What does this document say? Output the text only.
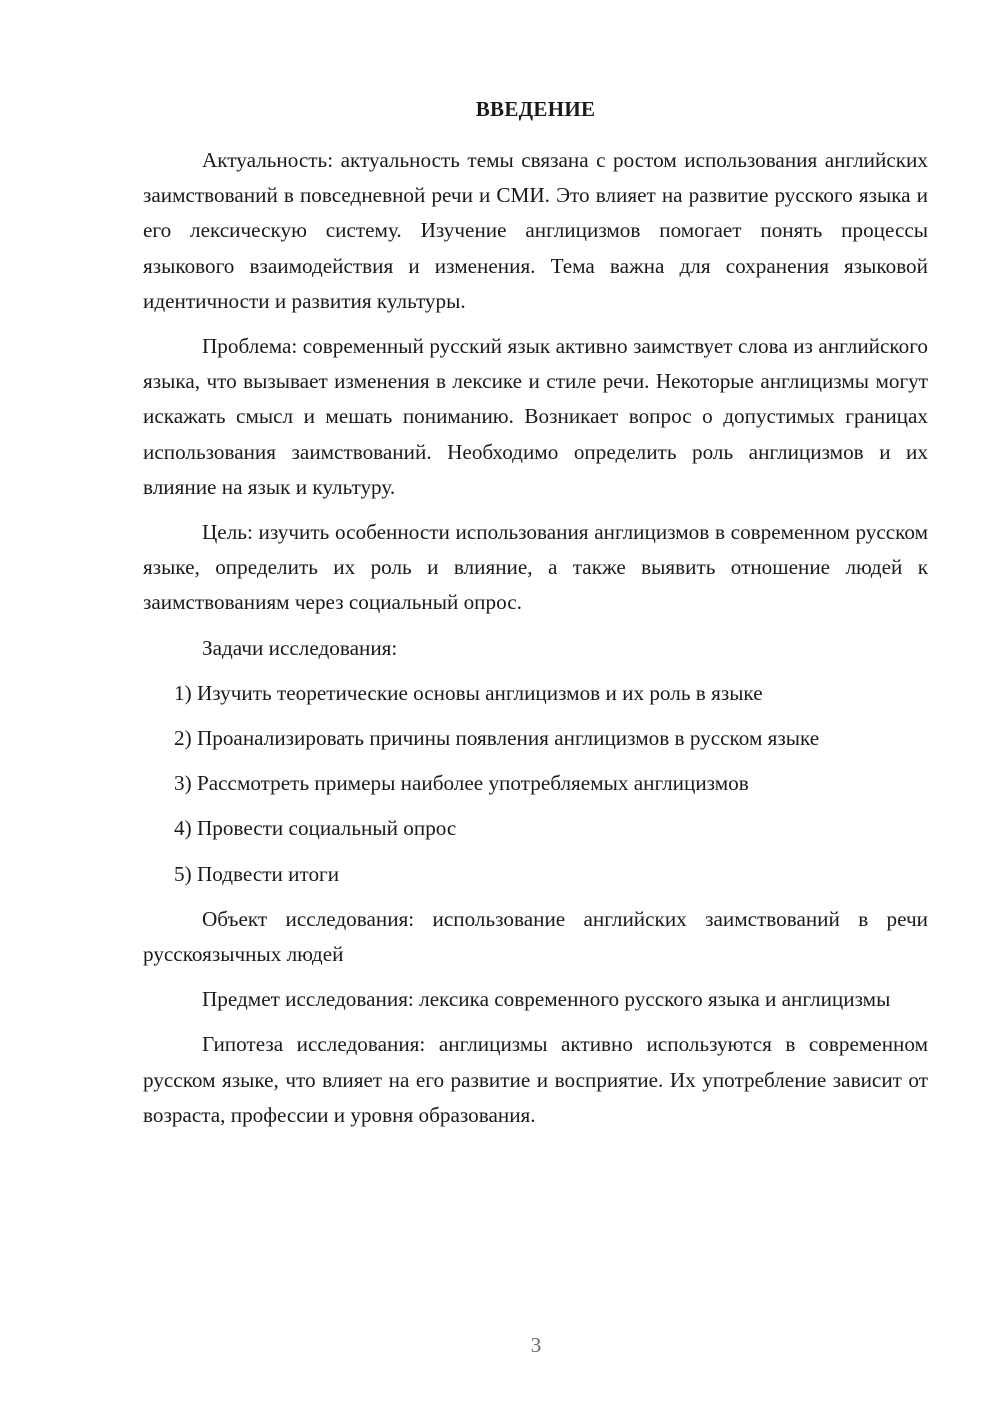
ВВЕДЕНИЕ

Актуальность: актуальность темы связана с ростом использования английских заимствований в повседневной речи и СМИ. Это влияет на развитие русского языка и его лексическую систему. Изучение англицизмов помогает понять процессы языкового взаимодействия и изменения. Тема важна для сохранения языковой идентичности и развития культуры.

Проблема: современный русский язык активно заимствует слова из английского языка, что вызывает изменения в лексике и стиле речи. Некоторые англицизмы могут искажать смысл и мешать пониманию. Возникает вопрос о допустимых границах использования заимствований. Необходимо определить роль англицизмов и их влияние на язык и культуру.

Цель: изучить особенности использования англицизмов в современном русском языке, определить их роль и влияние, а также выявить отношение людей к заимствованиям через социальный опрос.

Задачи исследования:

1) Изучить теоретические основы англицизмов и их роль в языке

2) Проанализировать причины появления англицизмов в русском языке

3) Рассмотреть примеры наиболее употребляемых англицизмов

4) Провести социальный опрос

5) Подвести итоги

Объект исследования: использование английских заимствований в речи русскоязычных людей

Предмет исследования: лексика современного русского языка и англицизмы

Гипотеза исследования: англицизмы активно используются в современном русском языке, что влияет на его развитие и восприятие. Их употребление зависит от возраста, профессии и уровня образования.

3
